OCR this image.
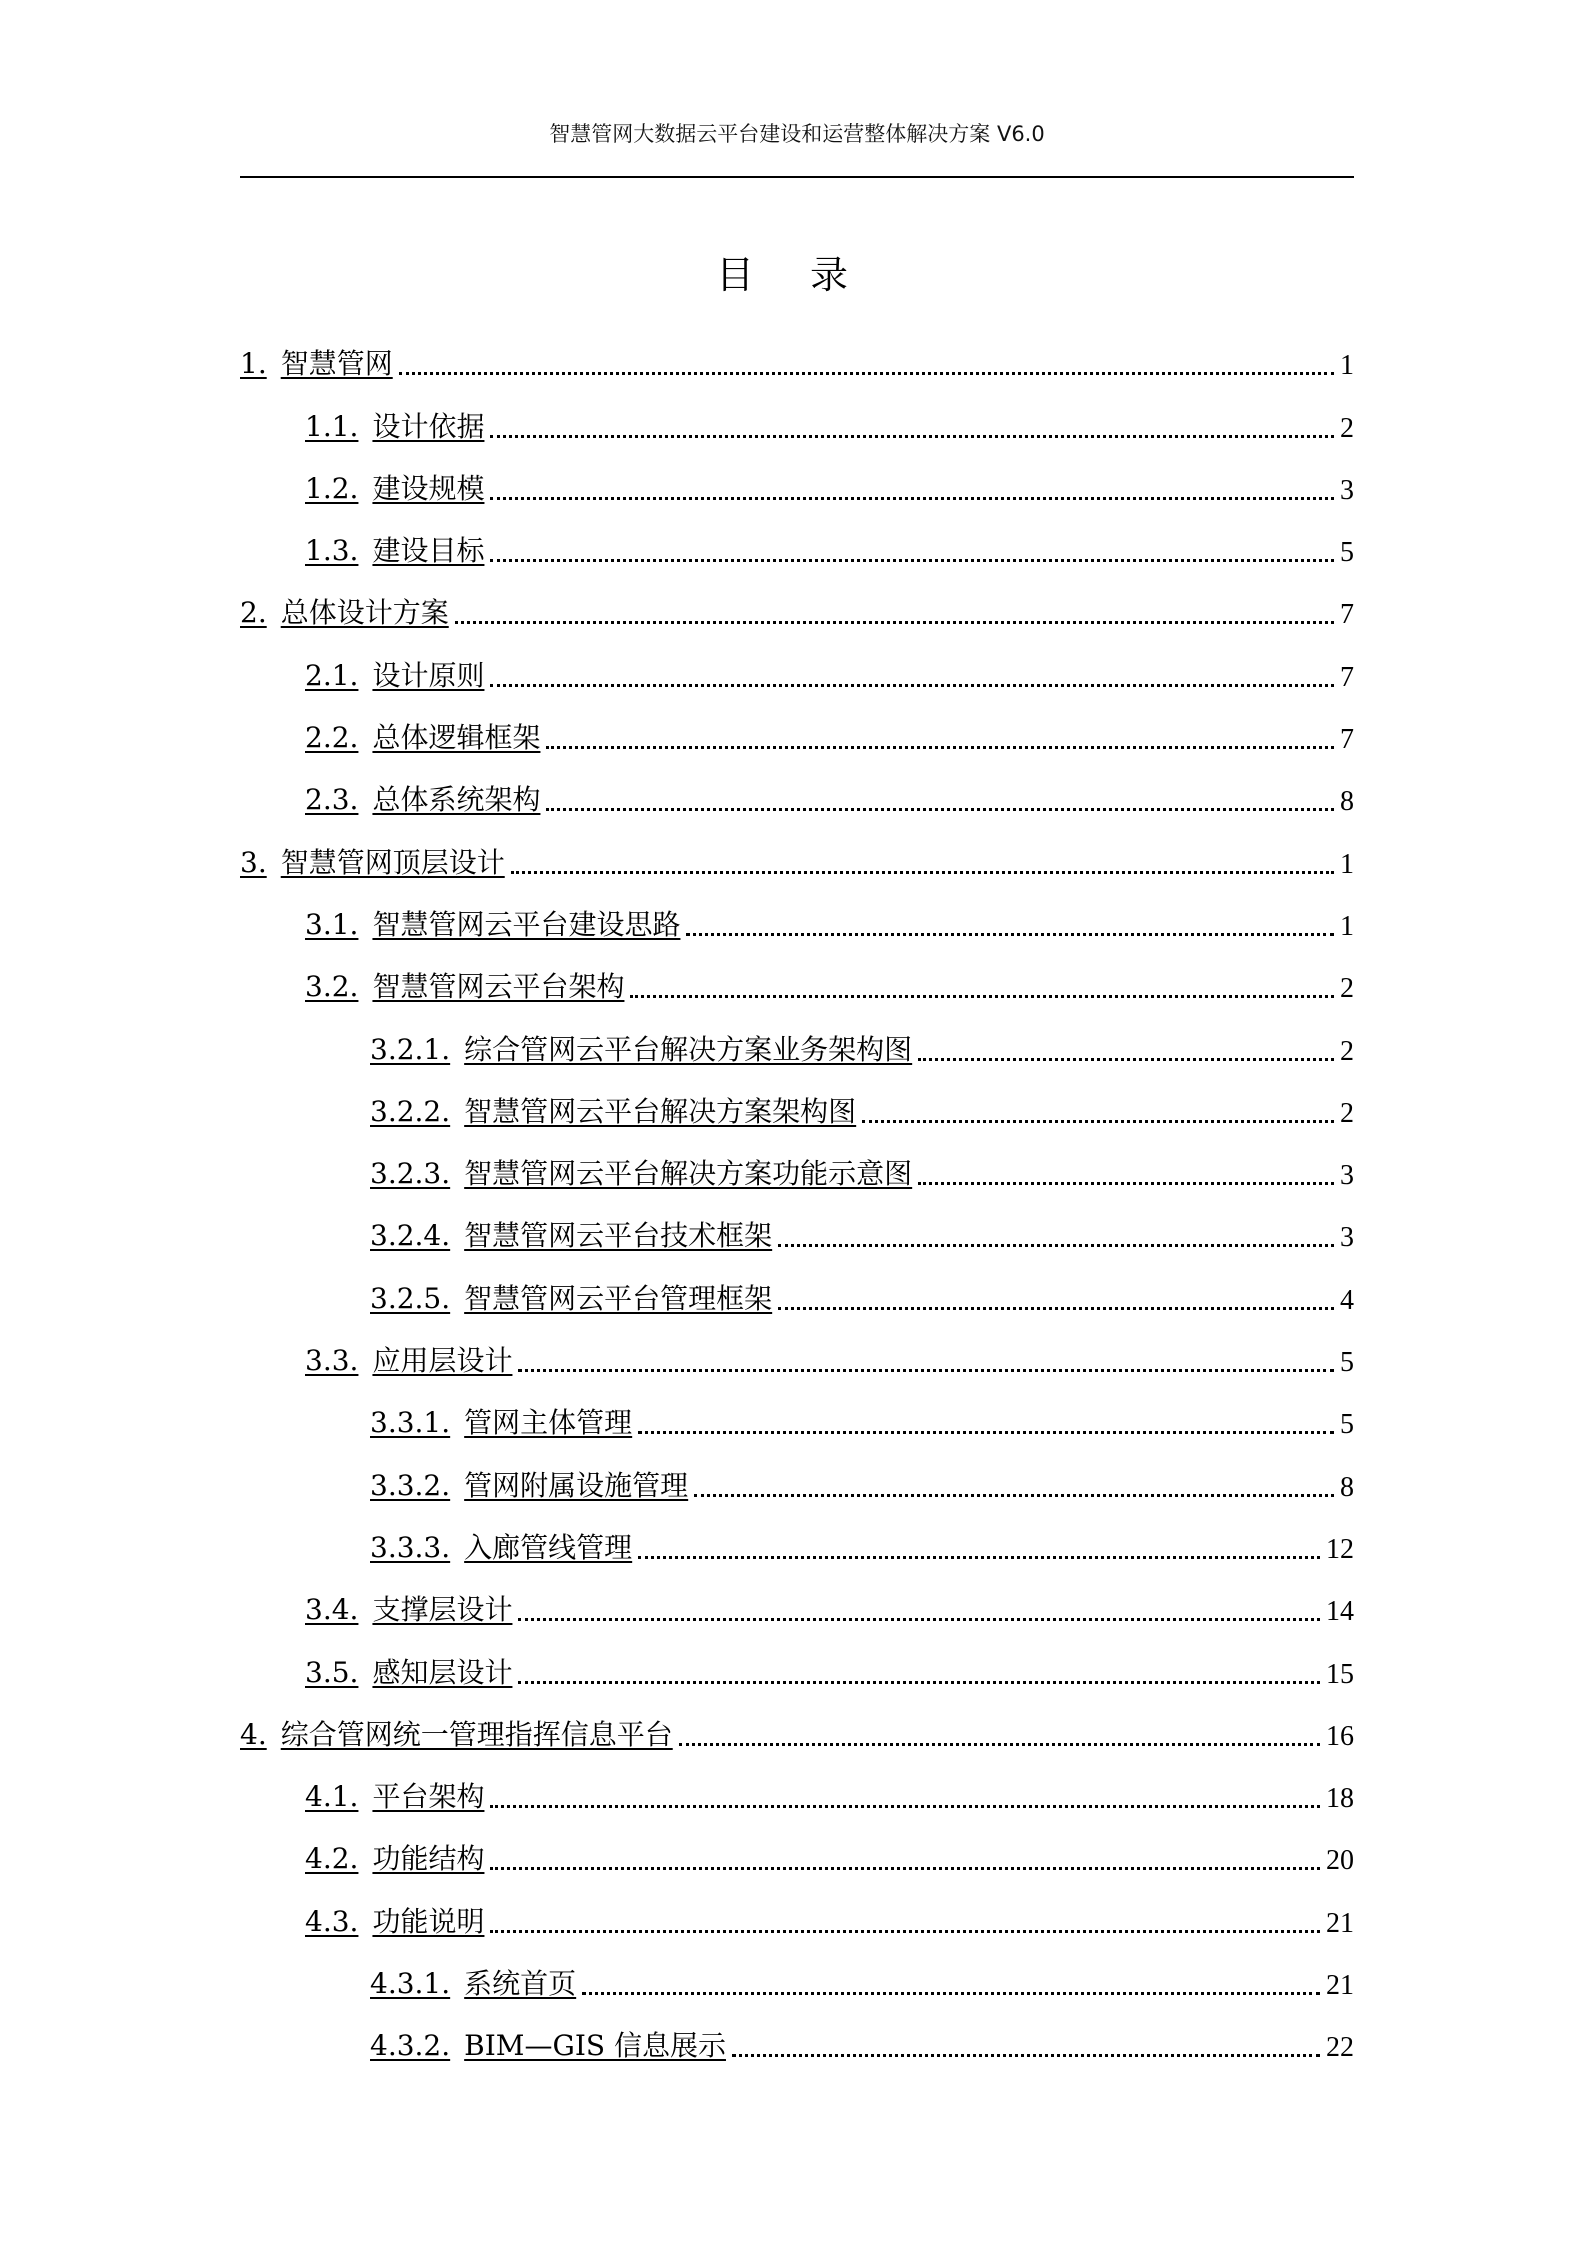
智慧管网大数据云平台建设和运营整体解决方案 V6.0
目 录
1. 智慧管网	1
1.1. 设计依据	2
1.2. 建设规模	3
1.3. 建设目标	5
2. 总体设计方案	7
2.1. 设计原则	7
2.2. 总体逻辑框架	7
2.3. 总体系统架构	8
3. 智慧管网顶层设计	1
3.1. 智慧管网云平台建设思路	1
3.2. 智慧管网云平台架构	2
3.2.1. 综合管网云平台解决方案业务架构图	2
3.2.2. 智慧管网云平台解决方案架构图	2
3.2.3. 智慧管网云平台解决方案功能示意图	3
3.2.4. 智慧管网云平台技术框架	3
3.2.5. 智慧管网云平台管理框架	4
3.3. 应用层设计	5
3.3.1. 管网主体管理	5
3.3.2. 管网附属设施管理	8
3.3.3. 入廊管线管理	12
3.4. 支撑层设计	14
3.5. 感知层设计	15
4. 综合管网统一管理指挥信息平台	16
4.1. 平台架构	18
4.2. 功能结构	20
4.3. 功能说明	21
4.3.1. 系统首页	21
4.3.2. BIM—GIS 信息展示	22
